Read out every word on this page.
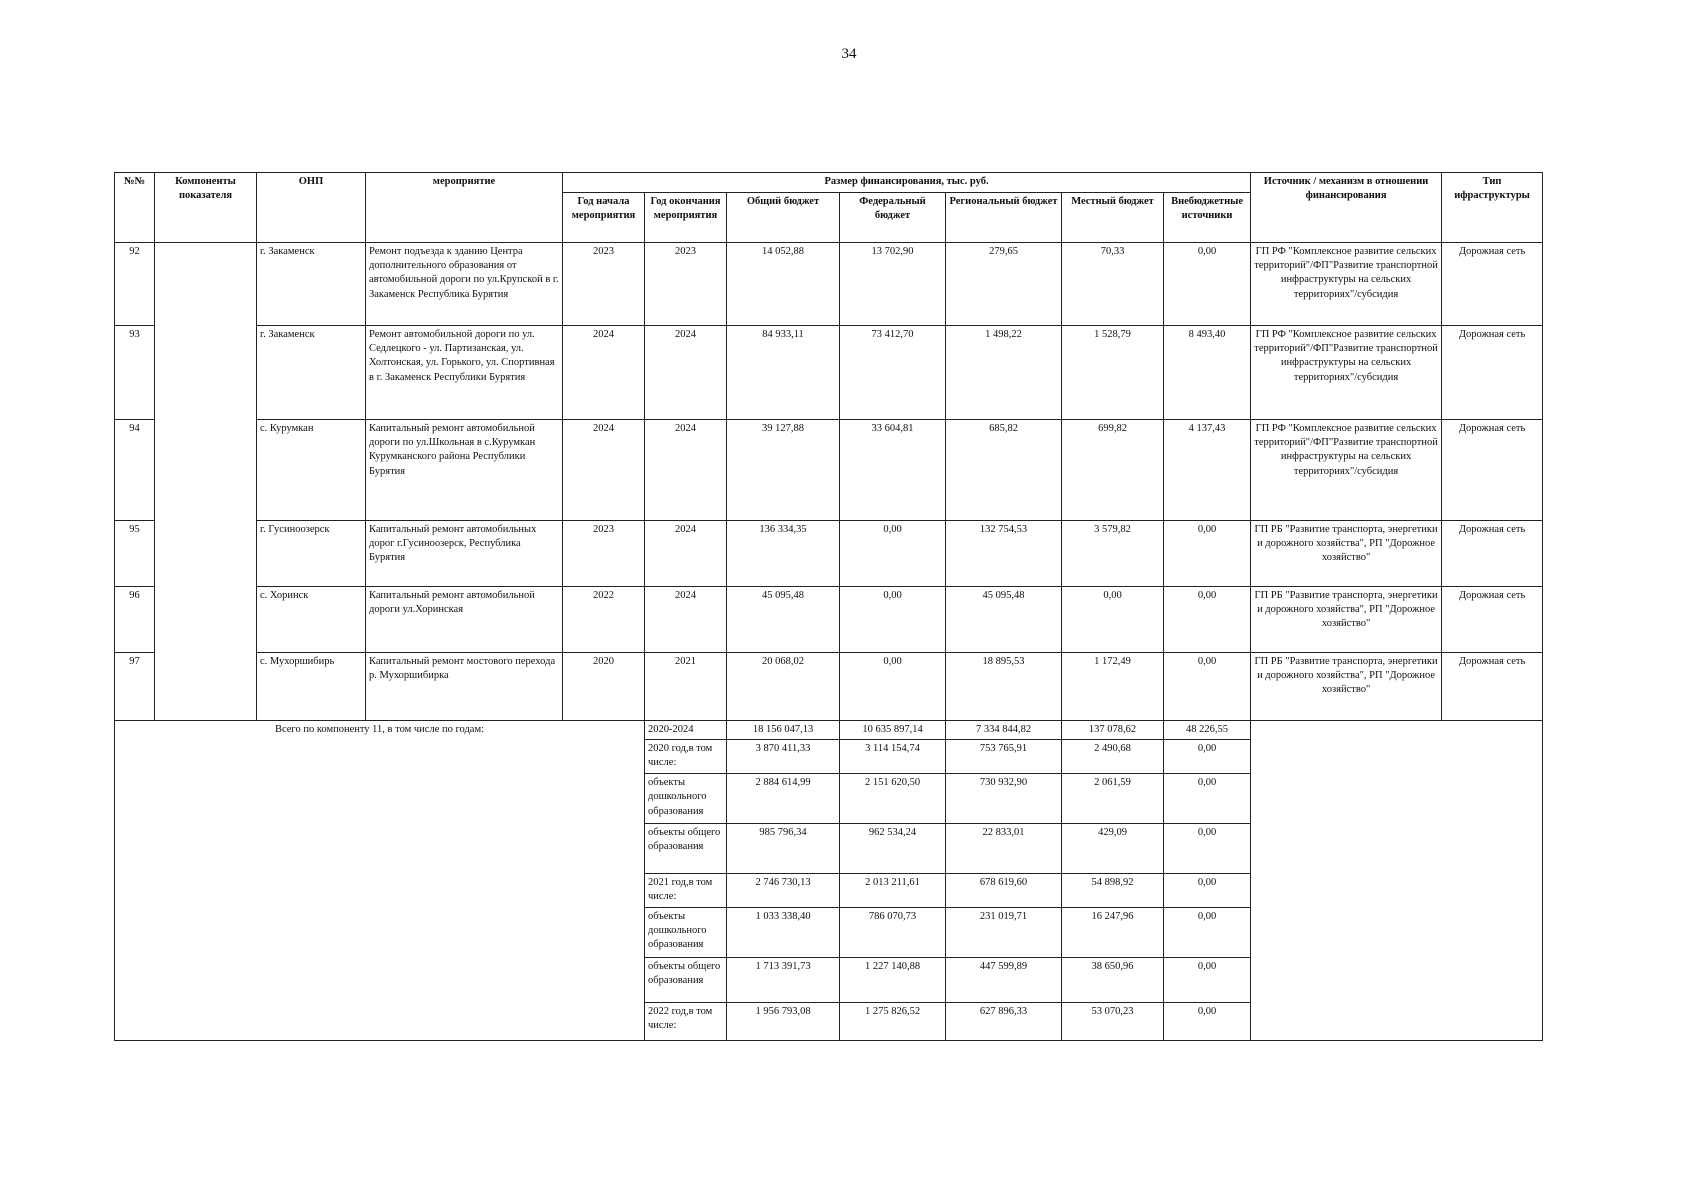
34
№№	Компоненты показателя	ОНП	мероприятие	Размер финансирования, тыс. руб.							Источник / механизм в отношении финансирования	Тип ифраструктуры
				Год начала мероприятия	Год окончания мероприятия	Общий бюджет	Федеральный бюджет	Региональный бюджет	Местный бюджет	Внебюджетные источники		
92		г. Закаменск	Ремонт подъезда к зданию Центра дополнительного образования от автомобильной дороги по ул.Крупской в г. Закаменск Республика Бурятия	2023	2023	14 052,88	13 702,90	279,65	70,33	0,00	ГП РФ "Комплексное развитие сельских территорий"/ФП"Развитие транспортной инфраструктуры на сельских территориях"/субсидия	Дорожная сеть
93		г. Закаменск	Ремонт автомобильной дороги по ул. Седлецкого - ул. Партизанская, ул. Холтонская, ул. Горького, ул. Спортивная в г. Закаменск Республики Бурятия	2024	2024	84 933,11	73 412,70	1 498,22	1 528,79	8 493,40	ГП РФ "Комплексное развитие сельских территорий"/ФП"Развитие транспортной инфраструктуры на сельских территориях"/субсидия	Дорожная сеть
94		с. Курумкан	Капитальный ремонт автомобильной дороги по ул.Школьная в с.Курумкан Курумканского района Республики Бурятия	2024	2024	39 127,88	33 604,81	685,82	699,82	4 137,43	ГП РФ "Комплексное развитие сельских территорий"/ФП"Развитие транспортной инфраструктуры на сельских территориях"/субсидия	Дорожная сеть
95		г. Гусиноозерск	Капитальный ремонт автомобильных дорог г.Гусиноозерск, Республика Бурятия	2023	2024	136 334,35	0,00	132 754,53	3 579,82	0,00	ГП РБ "Развитие транспорта, энергетики и дорожного хозяйства", РП "Дорожное хозяйство"	Дорожная сеть
96		с. Хоринск	Капитальный ремонт автомобильной дороги ул.Хоринская	2022	2024	45 095,48	0,00	45 095,48	0,00	0,00	ГП РБ "Развитие транспорта, энергетики и дорожного хозяйства", РП "Дорожное хозяйство"	Дорожная сеть
97		с. Мухоршибирь	Капитальный ремонт мостового перехода р. Мухоршибирка	2020	2021	20 068,02	0,00	18 895,53	1 172,49	0,00	ГП РБ "Развитие транспорта, энергетики и дорожного хозяйства", РП "Дорожное хозяйство"	Дорожная сеть
Всего по компоненту 11, в том числе по годам:					2020-2024	18 156 047,13	10 635 897,14	7 334 844,82	137 078,62	48 226,55		
					2020 год,в том числе:	3 870 411,33	3 114 154,74	753 765,91	2 490,68	0,00		
					объекты дошкольного образования	2 884 614,99	2 151 620,50	730 932,90	2 061,59	0,00		
					объекты общего образования	985 796,34	962 534,24	22 833,01	429,09	0,00		
					2021 год,в том числе:	2 746 730,13	2 013 211,61	678 619,60	54 898,92	0,00		
					объекты дошкольного образования	1 033 338,40	786 070,73	231 019,71	16 247,96	0,00		
					объекты общего образования	1 713 391,73	1 227 140,88	447 599,89	38 650,96	0,00		
					2022 год,в том числе:	1 956 793,08	1 275 826,52	627 896,33	53 070,23	0,00		
